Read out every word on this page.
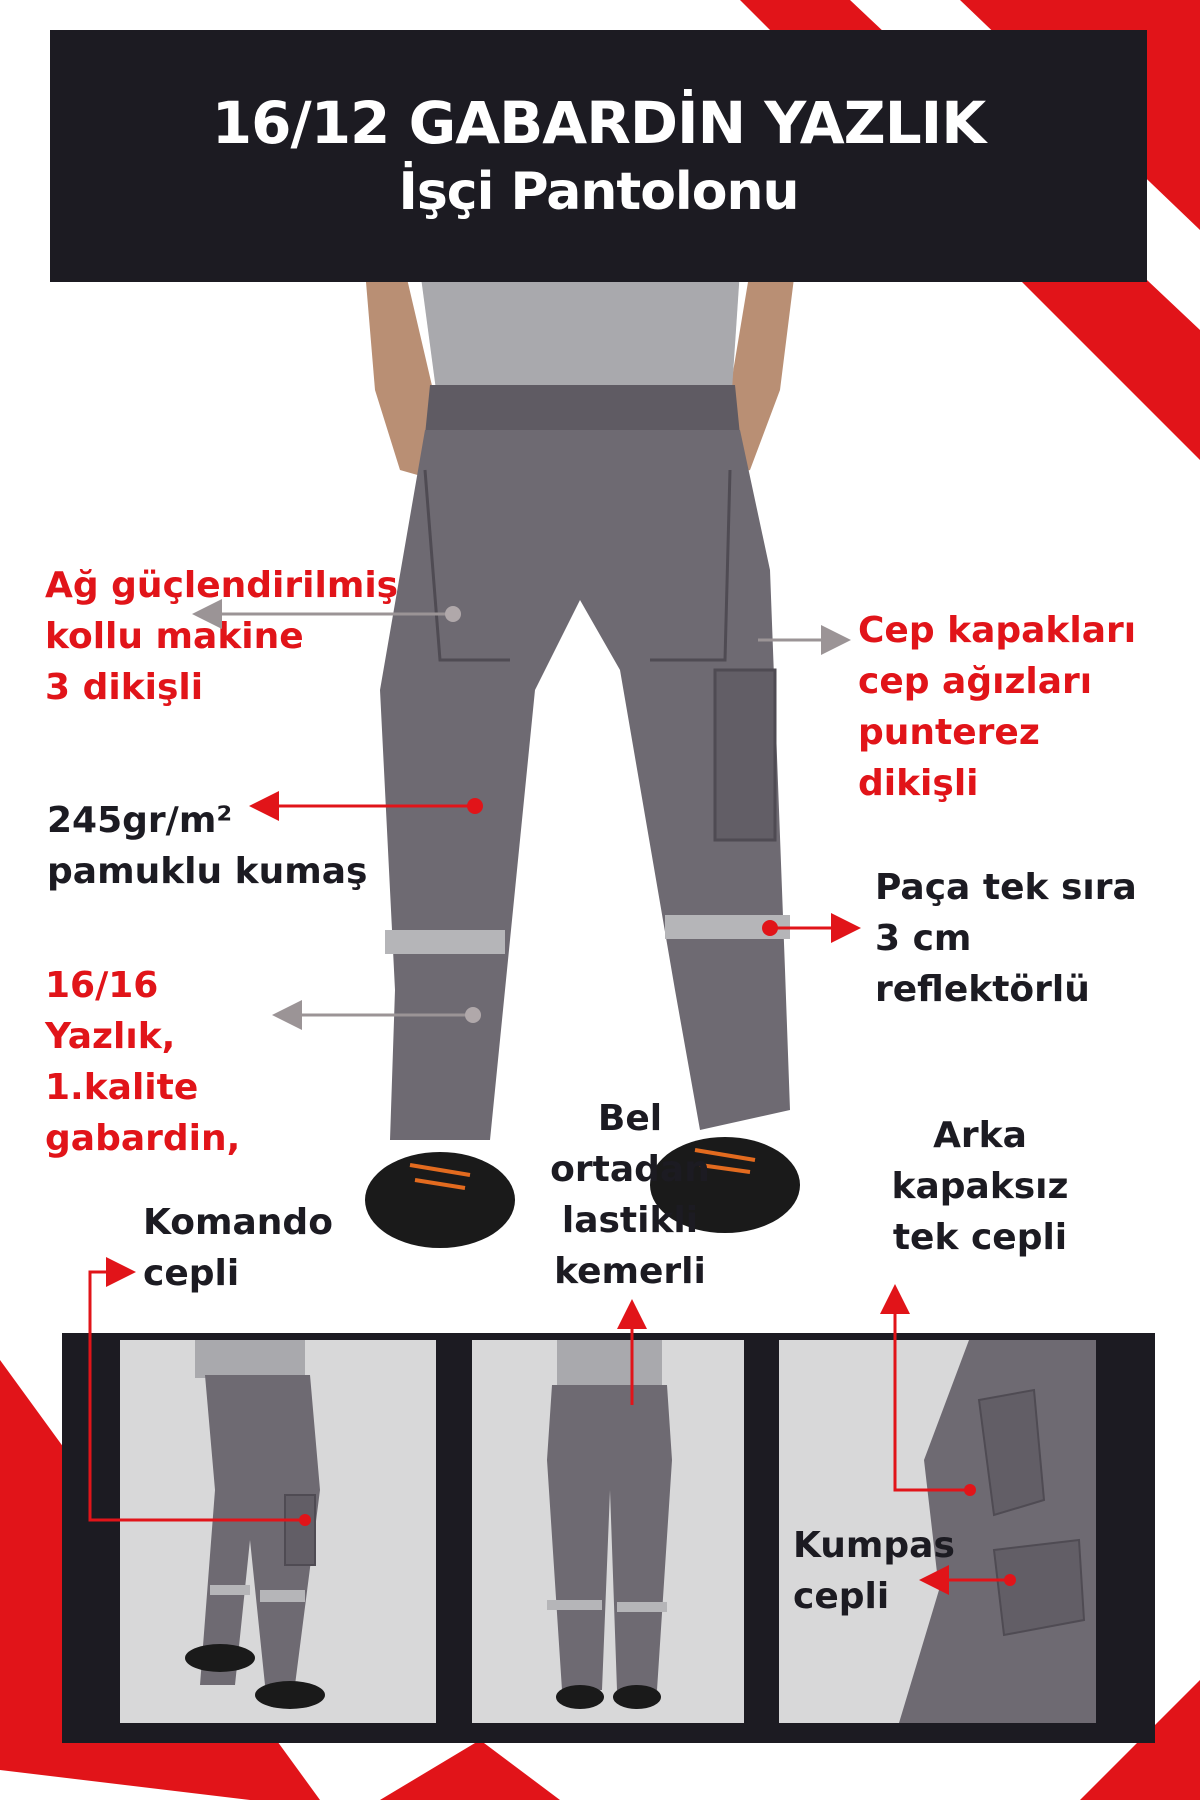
16/12 GABARDİN YAZLIK
İşçi Pantolonu
Ağ güçlendirilmiş
kollu makine
3 dikişli
Cep kapakları
cep ağızları
punterez
dikişli
245gr/m²
pamuklu kumaş	Paça tek sıra
3 cm
reflektörlü
16/16
Yazlık,
1.kalite
gabardin,	Bel
ortadan
lastikli
kemerli
Arka
kapaksız
tek cepli
Komando
cepli
Kumpas
cepli
